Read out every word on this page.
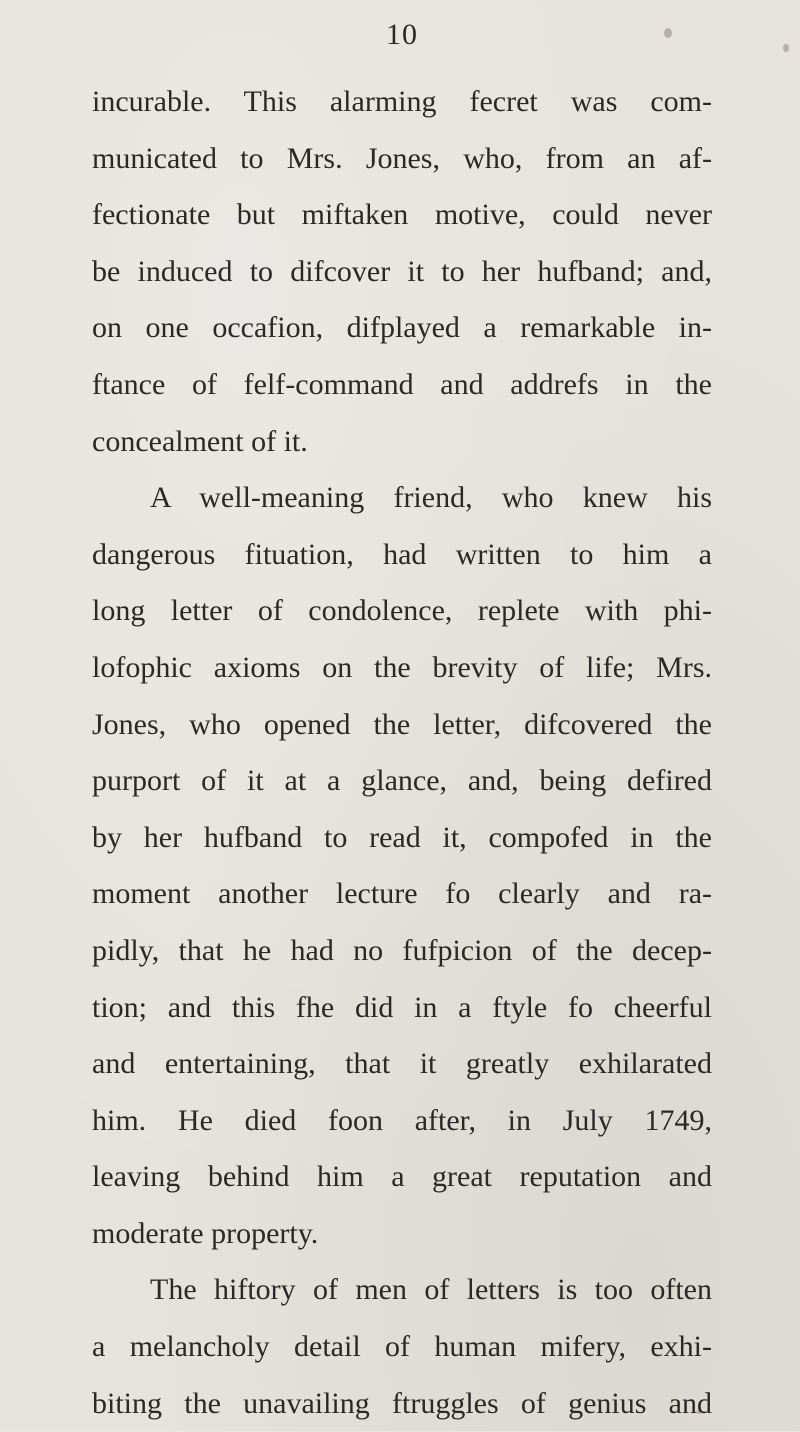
10
incurable. This alarming fecret was com-
municated to Mrs. Jones, who, from an af-
fectionate but miftaken motive, could never
be induced to difcover it to her hufband; and,
on one occafion, difplayed a remarkable in-
ftance of felf-command and addrefs in the
concealment of it.
A well-meaning friend, who knew his
dangerous fituation, had written to him a
long letter of condolence, replete with phi-
lofophic axioms on the brevity of life; Mrs.
Jones, who opened the letter, difcovered the
purport of it at a glance, and, being defired
by her hufband to read it, compofed in the
moment another lecture fo clearly and ra-
pidly, that he had no fufpicion of the decep-
tion; and this fhe did in a ftyle fo cheerful
and entertaining, that it greatly exhilarated
him. He died foon after, in July 1749,
leaving behind him a great reputation and
moderate property.
The hiftory of men of letters is too often
a melancholy detail of human mifery, exhi-
biting the unavailing ftruggles of genius and
